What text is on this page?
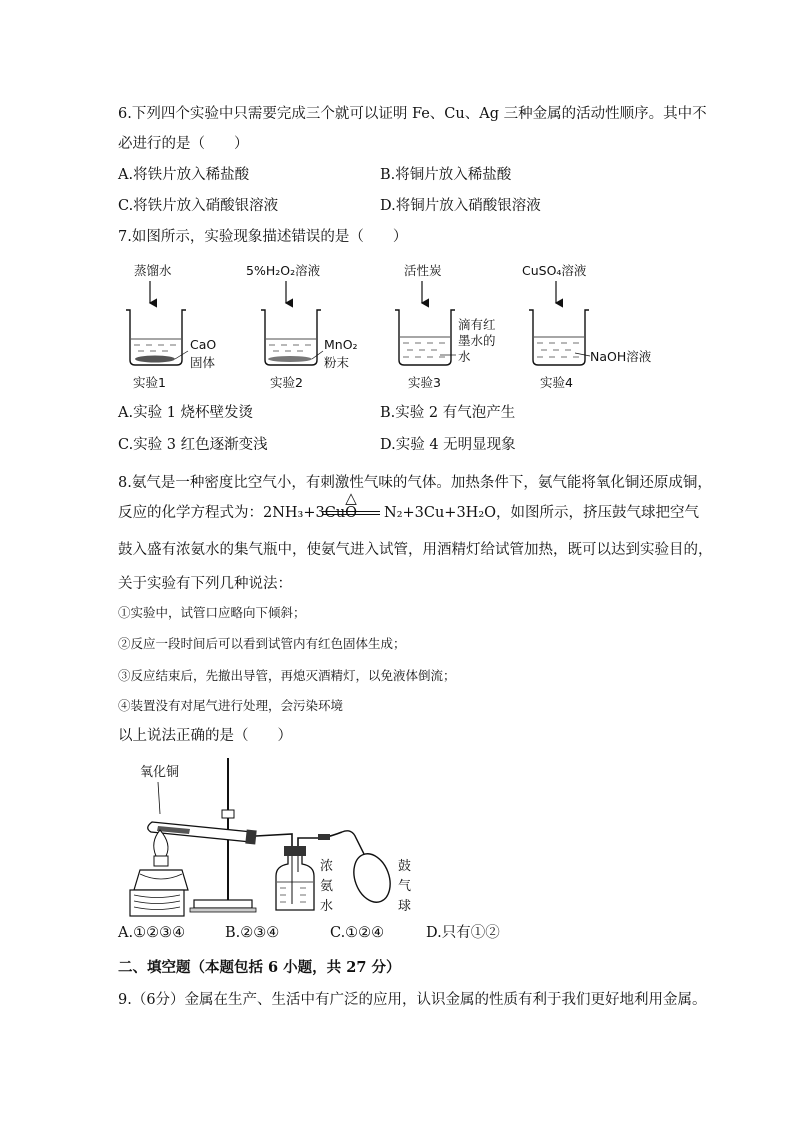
6.下列四个实验中只需要完成三个就可以证明 Fe、Cu、Ag 三种金属的活动性顺序。其中不
必进行的是（　　）
A.将铁片放入稀盐酸	B.将铜片放入稀盐酸
C.将铁片放入硝酸银溶液	D.将铜片放入硝酸银溶液
7.如图所示，实验现象描述错误的是（　　）
蒸馏水
CaO
固体
实验1
5%H₂O₂溶液
MnO₂
粉末
实验2
活性炭
滴有红
墨水的
水
实验3
CuSO₄溶液
NaOH溶液
实验4
A.实验 1 烧杯壁发烫	B.实验 2 有气泡产生
C.实验 3 红色逐渐变浅	D.实验 4 无明显现象
8.氨气是一种密度比空气小，有刺激性气味的气体。加热条件下，氨气能将氧化铜还原成铜，
反应的化学方程式为：2NH₃+3CuO
△
N₂+3Cu+3H₂O，如图所示，挤压鼓气球把空气
鼓入盛有浓氨水的集气瓶中，使氨气进入试管，用酒精灯给试管加热，既可以达到实验目的，
关于实验有下列几种说法：
①实验中，试管口应略向下倾斜；
②反应一段时间后可以看到试管内有红色固体生成；
③反应结束后，先撤出导管，再熄灭酒精灯，以免液体倒流；
④装置没有对尾气进行处理，会污染环境
以上说法正确的是（　　）
氧化铜
浓
氨
水
鼓
气
球
A.①②③④	B.②③④	C.①②④	D.只有①②
二、填空题（本题包括 6 小题，共 27 分）
9.（6分）金属在生产、生活中有广泛的应用，认识金属的性质有利于我们更好地利用金属。
